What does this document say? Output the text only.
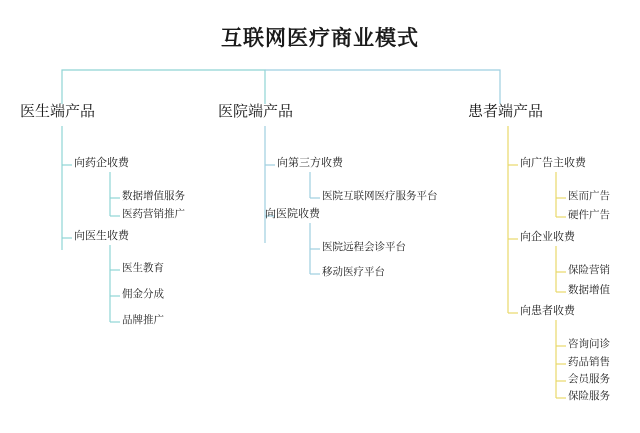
互联网医疗商业模式
医生端产品
向药企收费
数据增值服务
医药营销推广
向医生收费
医生教育
佣金分成
品牌推广
医院端产品
向第三方收费
医院互联网医疗服务平台
向医院收费
医院远程会诊平台
移动医疗平台
患者端产品
向广告主收费
医而广告
硬件广告
向企业收费
保险营销
数据增值
向患者收费
咨询问诊
药品销售
会员服务
保险服务
